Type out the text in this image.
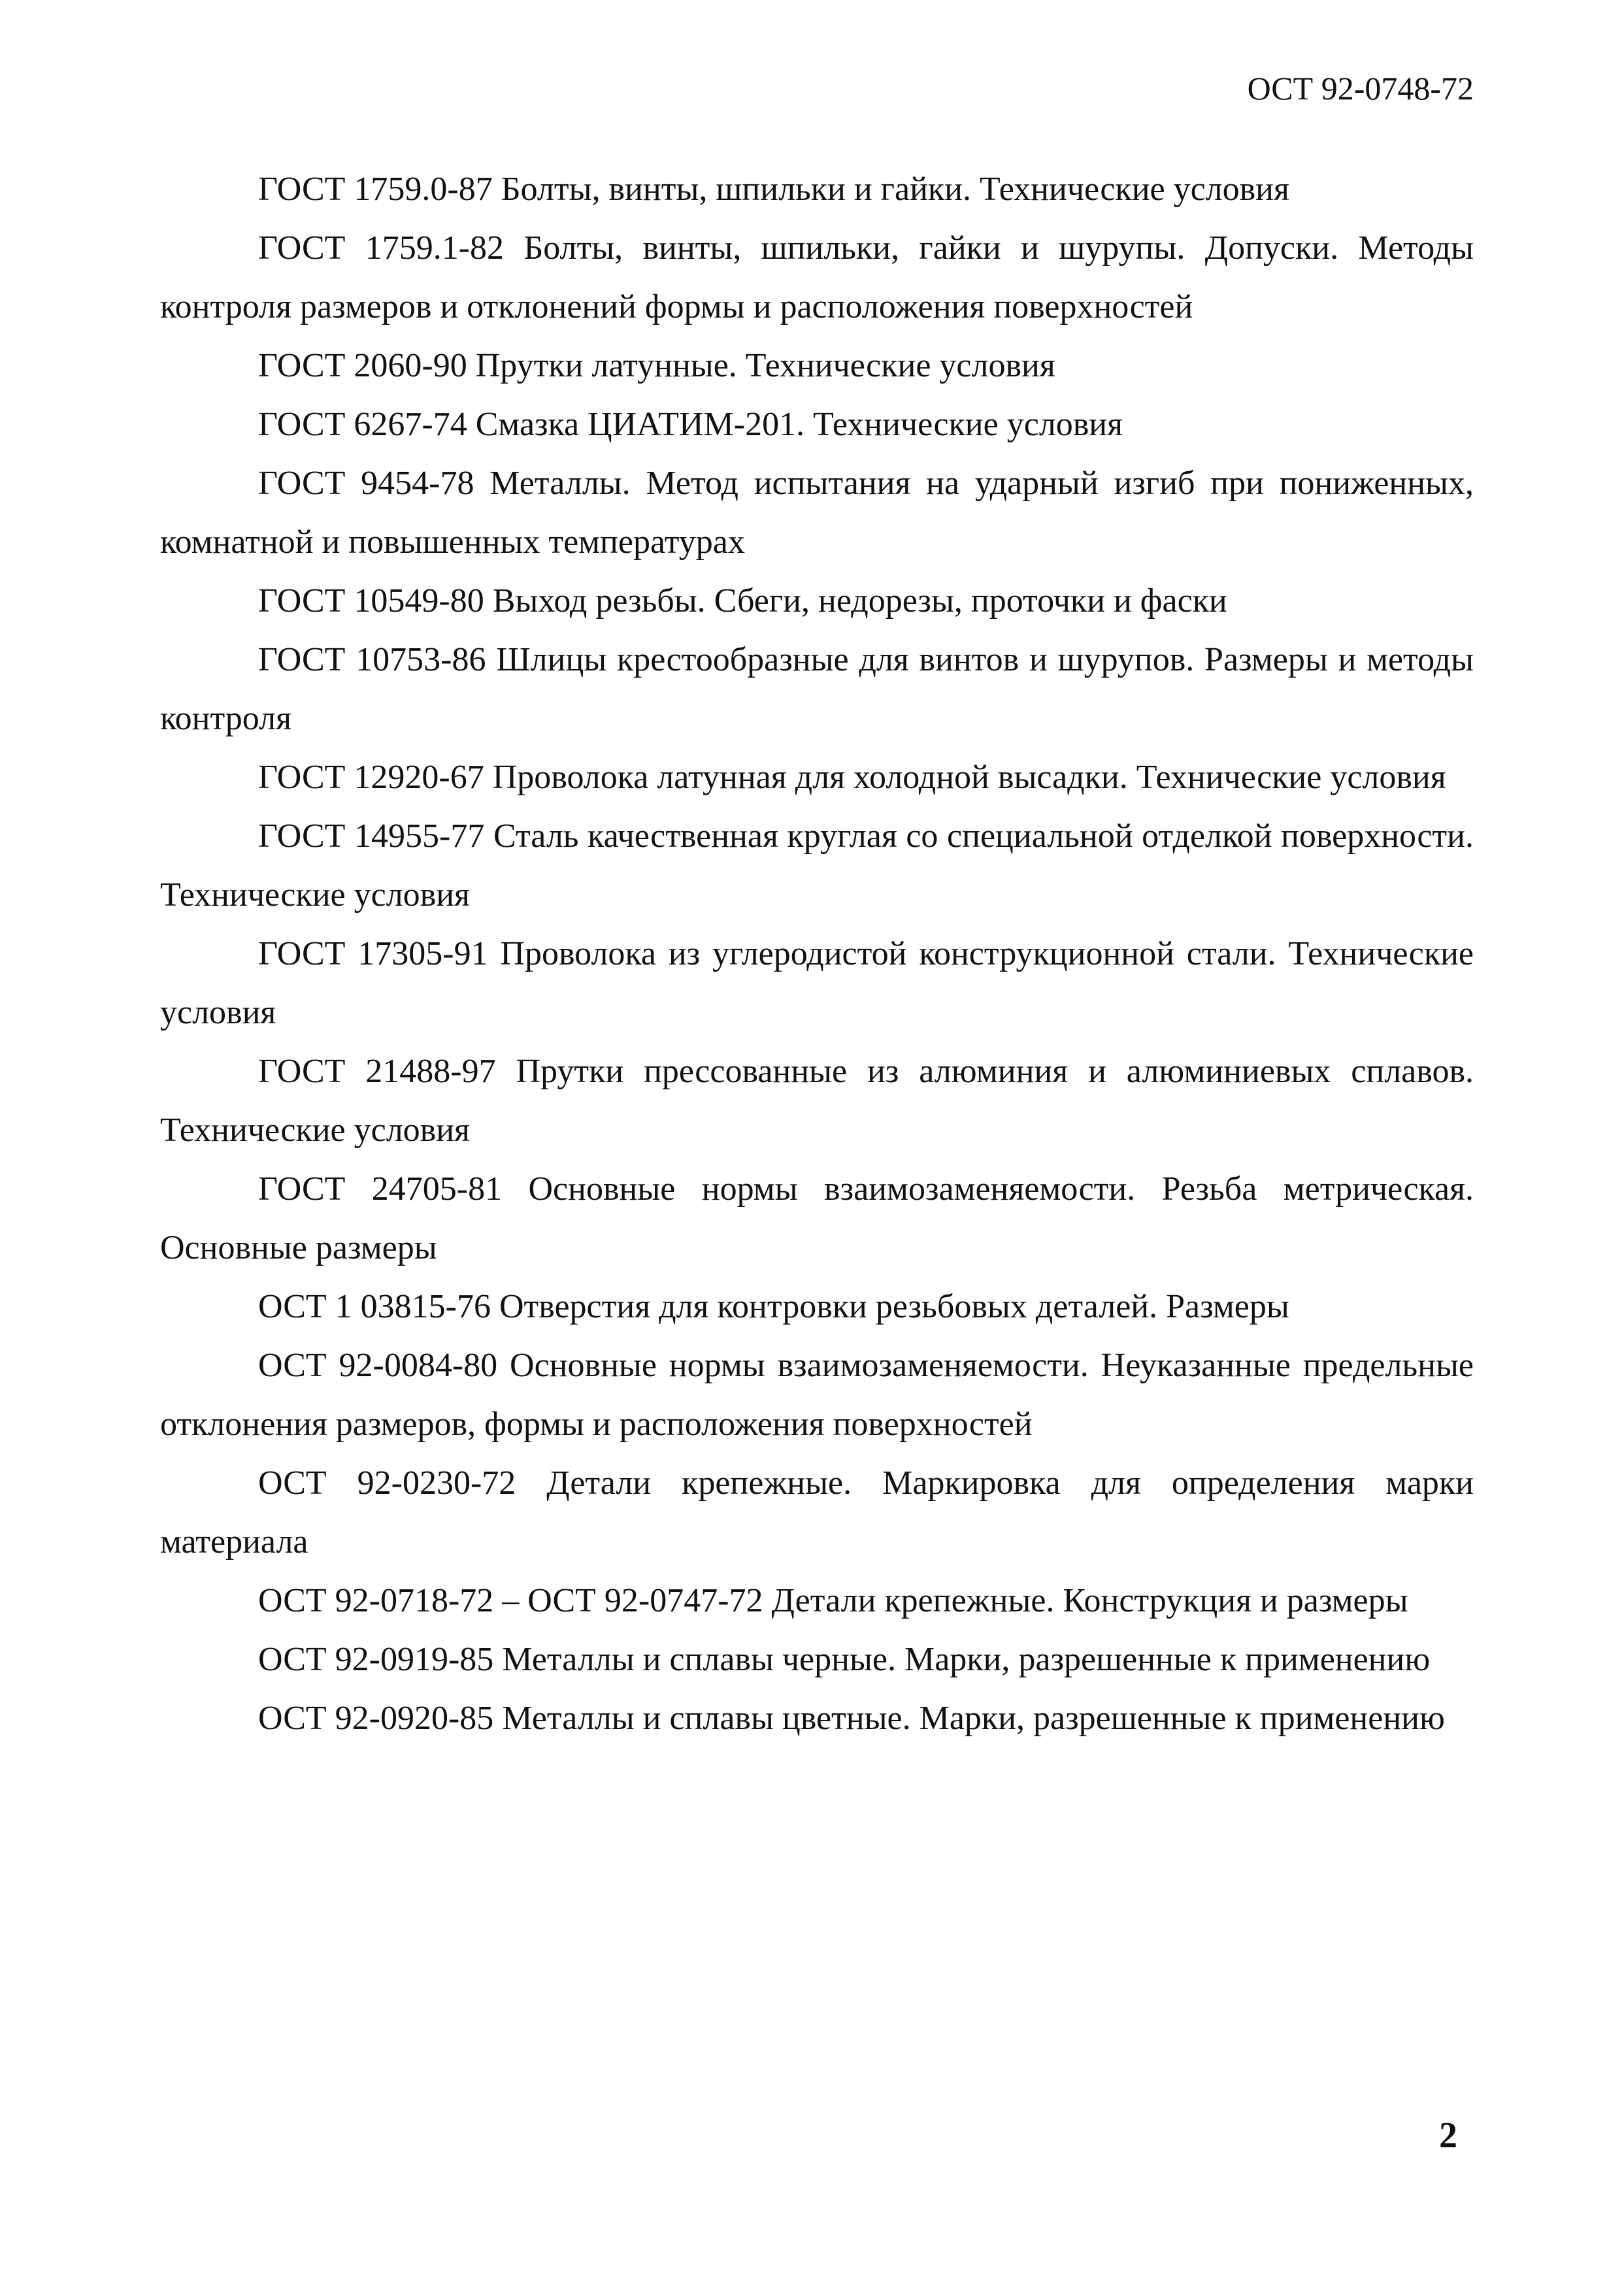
ОСТ 92-0748-72

ГОСТ 1759.0-87 Болты, винты, шпильки и гайки. Технические условия

ГОСТ 1759.1-82 Болты, винты, шпильки, гайки и шурупы. Допуски. Методы контроля размеров и отклонений формы и расположения поверхностей

ГОСТ 2060-90 Прутки латунные. Технические условия

ГОСТ 6267-74 Смазка ЦИАТИМ-201. Технические условия

ГОСТ 9454-78 Металлы. Метод испытания на ударный изгиб при пониженных, комнатной и повышенных температурах

ГОСТ 10549-80 Выход резьбы. Сбеги, недорезы, проточки и фаски

ГОСТ 10753-86 Шлицы крестообразные для винтов и шурупов. Размеры и методы контроля

ГОСТ 12920-67 Проволока латунная для холодной высадки. Технические условия

ГОСТ 14955-77 Сталь качественная круглая со специальной отделкой поверхности. Технические условия

ГОСТ 17305-91 Проволока из углеродистой конструкционной стали. Технические условия

ГОСТ 21488-97 Прутки прессованные из алюминия и алюминиевых сплавов. Технические условия

ГОСТ 24705-81 Основные нормы взаимозаменяемости. Резьба метрическая. Основные размеры

ОСТ 1 03815-76 Отверстия для контровки резьбовых деталей. Размеры

ОСТ 92-0084-80 Основные нормы взаимозаменяемости. Неуказанные предельные отклонения размеров, формы и расположения поверхностей

ОСТ 92-0230-72 Детали крепежные. Маркировка для определения марки материала

ОСТ 92-0718-72 – ОСТ 92-0747-72 Детали крепежные. Конструкция и размеры

ОСТ 92-0919-85 Металлы и сплавы черные. Марки, разрешенные к применению

ОСТ 92-0920-85 Металлы и сплавы цветные. Марки, разрешенные к применению

2
